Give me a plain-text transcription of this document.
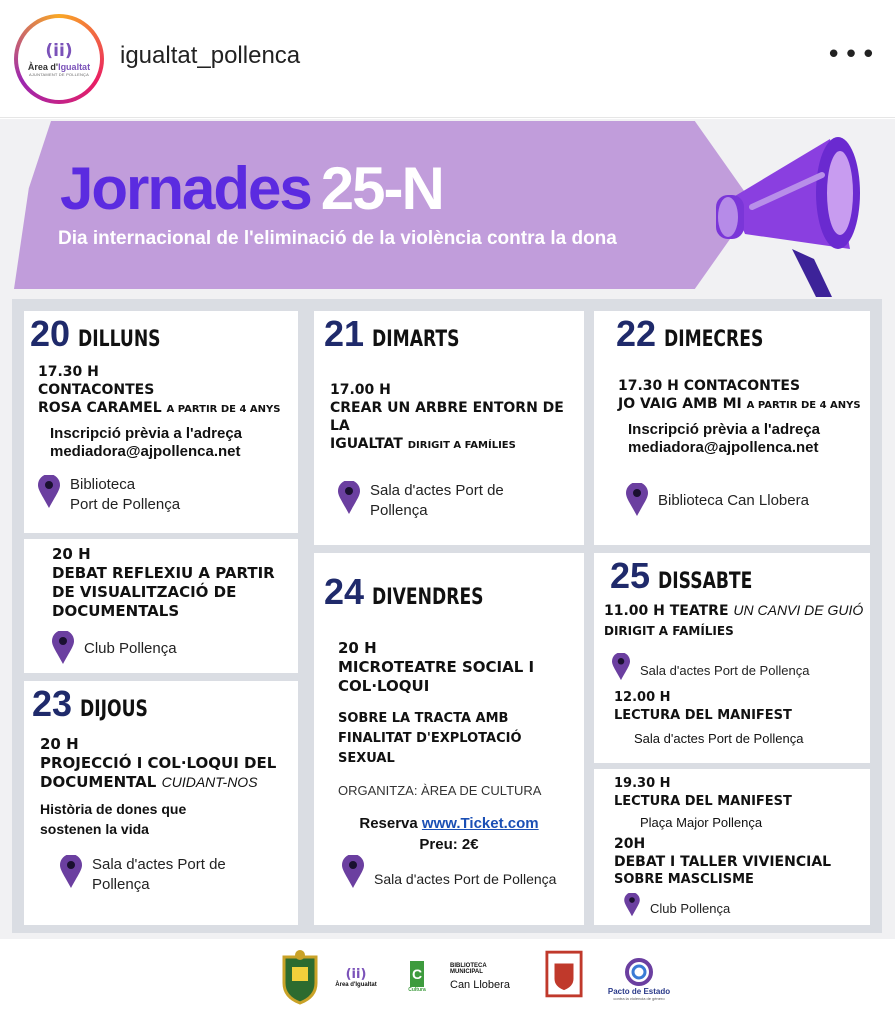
(ii)
Àrea d'Igualtat
AJUNTAMENT DE POLLENÇA
igualtat_pollenca	•••
Jornades 25-N
Dia internacional de l'eliminació de la violència contra la dona
20 DILLUNS
17.30 H
CONTACONTES
ROSA CARAMEL A PARTIR DE 4 ANYS
Inscripció prèvia a l'adreça
mediadora@ajpollenca.net
Biblioteca
Port de Pollença
20 H
DEBAT REFLEXIU A PARTIR
DE VISUALITZACIÓ DE
DOCUMENTALS
Club Pollença
23 DIJOUS
20 H
PROJECCIÓ I COL·LOQUI DEL
DOCUMENTAL CUIDANT-NOS
Història de dones que
sostenen la vida
Sala d'actes Port de
Pollença
21 DIMARTS
17.00 H
CREAR UN ARBRE ENTORN DE LA
IGUALTAT DIRIGIT A FAMÍLIES
Sala d'actes Port de
Pollença
24 DIVENDRES
20 H
MICROTEATRE SOCIAL I
COL·LOQUI
SOBRE LA TRACTA AMB
FINALITAT D'EXPLOTACIÓ
SEXUAL
ORGANITZA: ÀREA DE CULTURA
Reserva www.Ticket.com
Preu: 2€
Sala d'actes Port de Pollença
22 DIMECRES
17.30 H CONTACONTES
JO VAIG AMB MI A PARTIR DE 4 ANYS
Inscripció prèvia a l'adreça
mediadora@ajpollenca.net
Biblioteca Can Llobera
25 DISSABTE
11.00 H TEATRE UN CANVI DE GUIÓ
DIRIGIT A FAMÍLIES
Sala d'actes Port de Pollença
12.00 H
LECTURA DEL MANIFEST
Sala d'actes Port de Pollença
19.30 H
LECTURA DEL MANIFEST
Plaça Major Pollença
20H
DEBAT I TALLER VIVIENCIAL
SOBRE MASCLISME
Club Pollença
(ii)
Àrea d'Igualtat
C
Cultura
BIBLIOTECA
MUNICIPAL
Can Llobera
Pacto de Estado
contra la violencia de género
